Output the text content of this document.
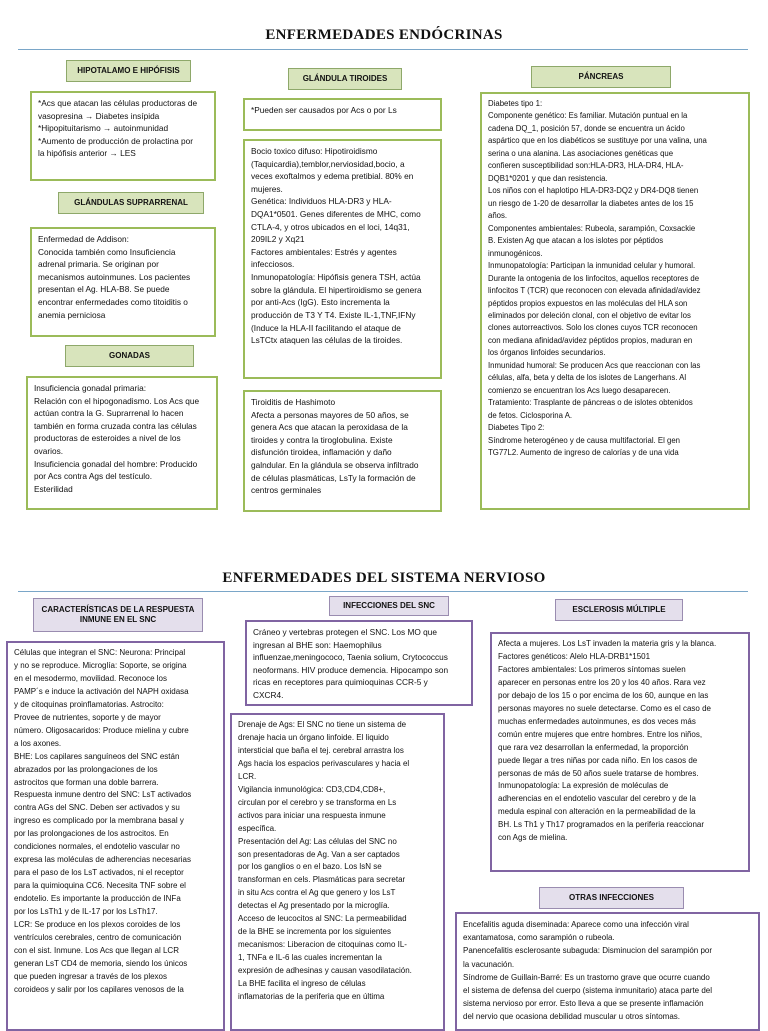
ENFERMEDADES ENDÓCRINAS
HIPOTALAMO E HIPÓFISIS

*Acs que atacan las células productoras de

vasopresina → Diabetes insípida

*Hipopituitarismo → autoinmunidad

*Aumento de producción de prolactina por

la hipófisis anterior → LES

GLÁNDULAS SUPRARRENAL

Enfermedad de Addison:

Conocida también como Insuficiencia

adrenal primaria. Se originan por

mecanismos autoinmunes. Los pacientes

presentan el Ag. HLA-B8. Se puede

encontrar enfermedades como titoiditis o

anemia perniciosa

GONADAS

Insuficiencia gonadal primaria:

Relación con el hipogonadismo. Los Acs que

actúan contra la G. Suprarrenal lo hacen

también en forma cruzada contra las células

productoras de esteroides a nivel de los

ovarios.

Insuficiencia gonadal del hombre: Producido

por Acs contra Ags del testículo.

Esterilidad

GLÁNDULA TIROIDES

*Pueden ser causados por Acs o por Ls

Bocio toxico difuso: Hipotiroidismo

(Taquicardia),temblor,nerviosidad,bocio, a

veces exoftalmos y edema pretibial. 80% en

mujeres.

Genética: Individuos HLA-DR3 y HLA-

DQA1*0501. Genes diferentes de MHC, como

CTLA-4, y otros ubicados en el loci, 14q31,

209IL2 y Xq21

Factores ambientales: Estrés y agentes

infecciosos.

Inmunopatología: Hipófisis genera TSH, actúa

sobre la glándula. El hipertiroidismo se genera

por anti-Acs (IgG). Esto incrementa la

producción de T3 Y T4. Existe IL-1,TNF,IFNy

(Induce la HLA-II facilitando el ataque de

LsTCtx ataquen las células de la tiroides.

Tiroiditis de Hashimoto

Afecta a personas mayores de 50 años, se

genera Acs que atacan la peroxidasa de la

tiroides y contra la tiroglobulina. Existe

disfunción tiroidea, inflamación y daño

galndular. En la glándula se observa infiltrado

de células plasmáticas, LsTy la formación de

centros germinales

PÁNCREAS

Diabetes tipo 1:

Componente genético: Es familiar. Mutación puntual en la

cadena DQ_1, posición 57, donde se encuentra un ácido

aspártico que en los diabéticos se sustituye por una valina, una

serina o una alanina. Las asociaciones genéticas que

confieren susceptibilidad son:HLA-DR3, HLA-DR4, HLA-

DQB1*0201 y que dan resistencia.

Los niños con el haplotipo HLA-DR3-DQ2 y DR4-DQ8 tienen

un riesgo de 1-20 de desarrollar la diabetes antes de los 15

años.

Componentes ambientales: Rubeola, sarampión, Coxsackie

B. Existen Ag que atacan a los islotes por péptidos

inmunogénicos.

Inmunopatología: Participan la inmunidad celular y humoral.

Durante la ontogenia de los linfocitos, aquellos receptores de

linfocitos T (TCR) que reconocen con elevada afinidad/avidez

péptidos propios expuestos en las moléculas del HLA son

eliminados por deleción clonal, con el objetivo de evitar los

clones autorreactivos. Solo los clones cuyos TCR reconocen

con mediana afinidad/avidez péptidos propios, maduran en

los órganos linfoides secundarios.

Inmunidad humoral: Se producen Acs que reaccionan con las

células, alfa, beta y delta de los islotes de Langerhans. Al

comienzo se encuentran los Acs luego desaparecen.

Tratamiento: Trasplante de páncreas o de islotes obtenidos

de fetos. Ciclosporina A.

Diabetes Tipo 2:

Síndrome heterogéneo y de causa multifactorial. El gen

TG77L2. Aumento de ingreso de calorías y de una vida

ENFERMEDADES DEL SISTEMA NERVIOSO
CARACTERÍSTICAS DE LA RESPUESTA INMUNE EN EL SNC

Células que integran el SNC: Neurona: Principal

y no se reproduce. Microglía: Soporte, se origina

en el mesodermo, movilidad. Reconoce los

PAMP´s e induce la activación del NAPH oxidasa

y de citoquinas proinflamatorias. Astrocito:

Provee de nutrientes, soporte y de mayor

número. Oligosacaridos: Produce mielina y cubre

a los axones.

BHE: Los capilares sanguíneos del SNC están

abrazados por las prolongaciones de los

astrocitos que forman una doble barrera.

Respuesta inmune dentro del SNC: LsT activados

contra AGs del SNC. Deben ser activados y su

ingreso es complicado por la membrana basal y

por las prolongaciones de los astrocitos. En

condiciones normales, el endotelio vascular no

expresa las moléculas de adherencias necesarias

para el paso de los LsT activados, ni el receptor

para la quimioquina CC6. Necesita TNF sobre el

endotelio. Es importante la producción de INFa

por los LsTh1 y de IL-17 por los LsTh17.

LCR: Se produce en los plexos coroides de los

ventrículos cerebrales, centro de comunicación

con el sist. Inmune. Los Acs que llegan al LCR

generan LsT CD4 de memoria, siendo los únicos

que pueden ingresar a través de los plexos

coroideos y salir por los capilares venosos de la

INFECCIONES DEL SNC

Cráneo y vertebras protegen el SNC. Los MO que

ingresan al BHE son: Haemophilus

influenzae,meningococo, Taenia solium, Crytococcus

neoformans. HIV produce demencia. Hipocampo son

ricas en receptores para quimioquinas CCR-5 y

CXCR4.

Drenaje de Ags: El SNC no tiene un sistema de

drenaje hacia un órgano linfoide. El liquido

intersticial que baña el tej. cerebral arrastra los

Ags hacia los espacios perivasculares y hacia el

LCR.

Vigilancia inmunológica: CD3,CD4,CD8+,

circulan por el cerebro y se transforma en Ls

activos para iniciar una respuesta inmune

específica.

Presentación del Ag: Las células del SNC no

son presentadoras de Ag. Van a ser captados

por los ganglios o en el bazo. Los lsN se

transforman en cels. Plasmáticas para secretar

in situ Acs contra el Ag que genero y los LsT

detectas el Ag presentado por la microglía.

Acceso de leucocitos al SNC: La permeabilidad

de la BHE se incrementa por los siguientes

mecanismos: Liberacion de citoquinas como IL-

1, TNFa e IL-6 las cuales incrementan la

expresión de adhesinas y causan vasodilatación.

La BHE facilita el ingreso de células

inflamatorias de la periferia que en última

ESCLEROSIS MÚLTIPLE

Afecta a mujeres. Los LsT invaden la materia gris y la blanca.

Factores genéticos: Alelo HLA-DRB1*1501

Factores ambientales: Los primeros síntomas suelen

aparecer en personas entre los 20 y los 40 años. Rara vez

por debajo de los 15 o por encima de los 60, aunque en las

personas mayores no suele detectarse. Como es el caso de

muchas enfermedades autoinmunes, es dos veces más

común entre mujeres que entre hombres. Entre los niños,

que rara vez desarrollan la enfermedad, la proporción

puede llegar a tres niñas por cada niño. En los casos de

personas de más de 50 años suele tratarse de hombres.

Inmunopatología: La expresión de moléculas de

adherencias en el endotelio vascular del cerebro y de la

medula espinal con alteración en la permeabilidad de la

BH. Ls Th1 y Th17 programados en la periferia reaccionar

con Ags de mielina.

OTRAS INFECCIONES

Encefalitis aguda diseminada: Aparece como una infección viral

exantamatosa, como sarampión o rubeola.

Panencefalitis esclerosante subaguda: Disminucion del sarampión por

la vacunación.

Síndrome de Guillain-Barré: Es un trastorno grave que ocurre cuando

el sistema de defensa del cuerpo (sistema inmunitario) ataca parte del

sistema nervioso por error. Esto lleva a que se presente inflamación

del nervio que ocasiona debilidad muscular u otros síntomas.
